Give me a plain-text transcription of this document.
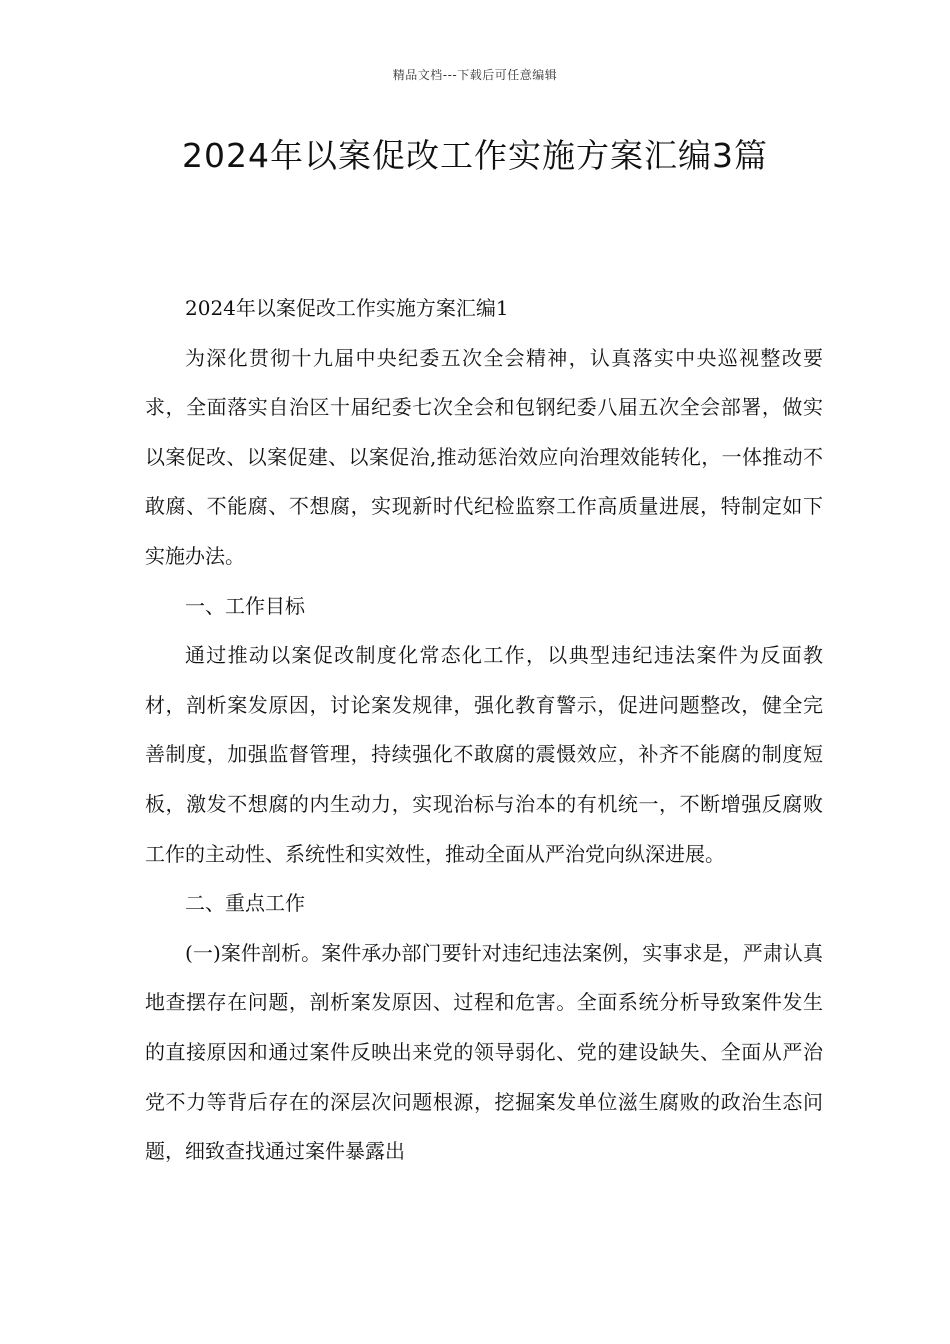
精品文档---下载后可任意编辑
2024年以案促改工作实施方案汇编3篇

2024年以案促改工作实施方案汇编1

为深化贯彻十九届中央纪委五次全会精神，认真落实中央巡视整改要求，全面落实自治区十届纪委七次全会和包钢纪委八届五次全会部署，做实以案促改、以案促建、以案促治,推动惩治效应向治理效能转化，一体推动不敢腐、不能腐、不想腐，实现新时代纪检监察工作高质量进展，特制定如下实施办法。

一、工作目标

通过推动以案促改制度化常态化工作，以典型违纪违法案件为反面教材，剖析案发原因，讨论案发规律，强化教育警示，促进问题整改，健全完善制度，加强监督管理，持续强化不敢腐的震慑效应，补齐不能腐的制度短板，激发不想腐的内生动力，实现治标与治本的有机统一，不断增强反腐败工作的主动性、系统性和实效性，推动全面从严治党向纵深进展。

二、重点工作

(一)案件剖析。案件承办部门要针对违纪违法案例，实事求是，严肃认真地查摆存在问题，剖析案发原因、过程和危害。全面系统分析导致案件发生的直接原因和通过案件反映出来党的领导弱化、党的建设缺失、全面从严治党不力等背后存在的深层次问题根源，挖掘案发单位滋生腐败的政治生态问题，细致查找通过案件暴露出
